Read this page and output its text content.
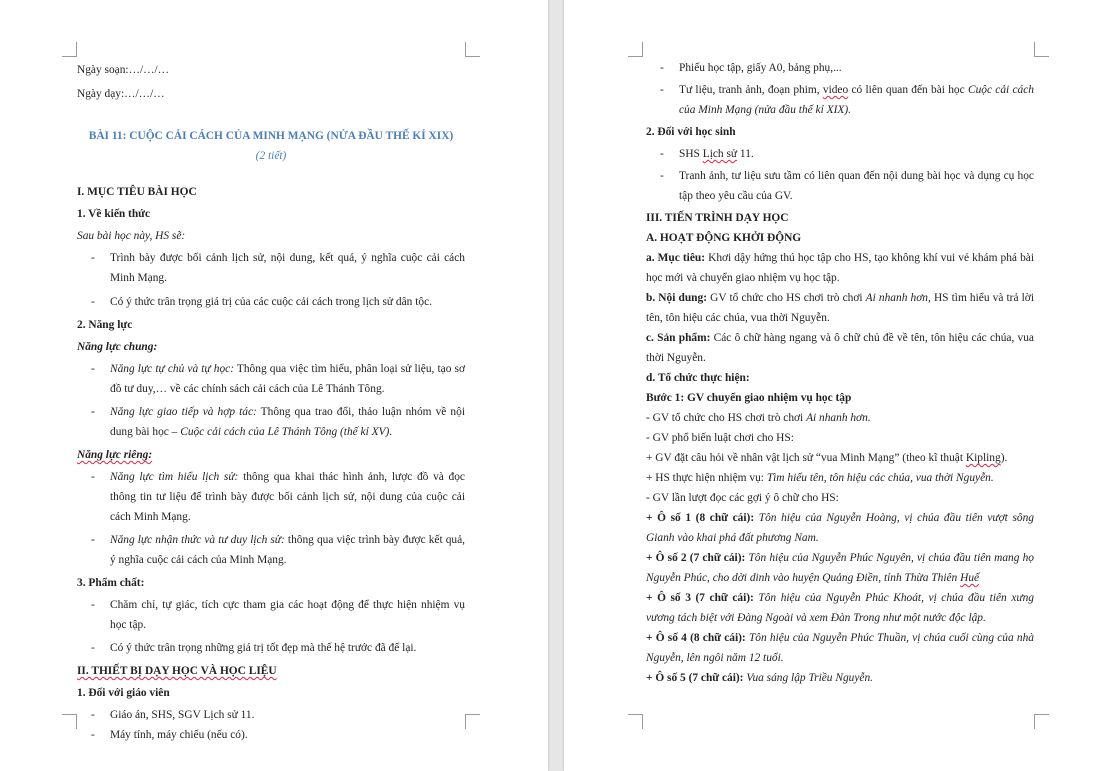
Ngày soạn:…/…/…

Ngày dạy:…/…/…

BÀI 11: CUỘC CẢI CÁCH CỦA MINH MẠNG (NỬA ĐẦU THẾ KỈ XIX)

(2 tiết)

I. MỤC TIÊU BÀI HỌC

1. Về kiến thức

Sau bài học này, HS sẽ:

- Trình bày được bối cảnh lịch sử, nội dung, kết quả, ý nghĩa cuộc cải cách Minh Mạng.
- Có ý thức trân trọng giá trị của các cuộc cải cách trong lịch sử dân tộc.

2. Năng lực

Năng lực chung:

- Năng lực tự chủ và tự học: Thông qua việc tìm hiểu, phân loại sử liệu, tạo sơ đồ tư duy,… về các chính sách cải cách của Lê Thánh Tông.
- Năng lực giao tiếp và hợp tác: Thông qua trao đổi, thảo luận nhóm về nội dung bài học – Cuộc cải cách của Lê Thánh Tông (thế kỉ XV).

Năng lực riêng:

- Năng lực tìm hiểu lịch sử: thông qua khai thác hình ảnh, lược đồ và đọc thông tin tư liệu để trình bày được bối cảnh lịch sử, nội dung của cuộc cải cách Minh Mạng.
- Năng lực nhận thức và tư duy lịch sử: thông qua việc trình bày được kết quả, ý nghĩa cuộc cải cách của Minh Mạng.

3. Phẩm chất:

- Chăm chỉ, tự giác, tích cực tham gia các hoạt động để thực hiện nhiệm vụ học tập.
- Có ý thức trân trọng những giá trị tốt đẹp mà thế hệ trước đã để lại.

II. THIẾT BỊ DẠY HỌC VÀ HỌC LIỆU

1. Đối với giáo viên

- Giáo án, SHS, SGV Lịch sử 11.
- Máy tính, máy chiếu (nếu có).
- Phiếu học tập, giấy A0, bảng phụ,...
- Tư liệu, tranh ảnh, đoạn phim, video có liên quan đến bài học Cuộc cải cách của Minh Mạng (nửa đầu thế kỉ XIX).

2. Đối với học sinh

- SHS Lịch sử 11.
- Tranh ảnh, tư liệu sưu tầm có liên quan đến nội dung bài học và dụng cụ học tập theo yêu cầu của GV.

III. TIẾN TRÌNH DẠY HỌC

A. HOẠT ĐỘNG KHỞI ĐỘNG

a. Mục tiêu: Khơi dậy hứng thú học tập cho HS, tạo không khí vui vẻ khám phá bài học mới và chuyển giao nhiệm vụ học tập.

b. Nội dung: GV tổ chức cho HS chơi trò chơi Ai nhanh hơn, HS tìm hiểu và trả lời tên, tôn hiệu các chúa, vua thời Nguyễn.

c. Sản phẩm: Các ô chữ hàng ngang và ô chữ chủ đề về tên, tôn hiệu các chúa, vua thời Nguyễn.

d. Tổ chức thực hiện:

Bước 1: GV chuyển giao nhiệm vụ học tập

- GV tổ chức cho HS chơi trò chơi Ai nhanh hơn.

- GV phổ biến luật chơi cho HS:

+ GV đặt câu hỏi về nhân vật lịch sử “vua Minh Mạng” (theo kĩ thuật Kipling).

+ HS thực hiện nhiệm vụ: Tìm hiểu tên, tôn hiệu các chúa, vua thời Nguyễn.

- GV lần lượt đọc các gợi ý ô chữ cho HS:

+ Ô số 1 (8 chữ cái): Tôn hiệu của Nguyễn Hoàng, vị chúa đầu tiên vượt sông Gianh vào khai phá đất phương Nam.

+ Ô số 2 (7 chữ cái): Tôn hiệu của Nguyễn Phúc Nguyên, vị chúa đầu tiên mang họ Nguyễn Phúc, cho dời dinh vào huyện Quảng Điền, tỉnh Thừa Thiên Huế

+ Ô số 3 (7 chữ cái): Tôn hiệu của Nguyễn Phúc Khoát, vị chúa đầu tiên xưng vương tách biệt với Đàng Ngoài và xem Đàn Trong như một nước độc lập.

+ Ô số 4 (8 chữ cái): Tôn hiệu của Nguyễn Phúc Thuần, vị chúa cuối cùng của nhà Nguyễn, lên ngôi năm 12 tuổi.

+ Ô số 5 (7 chữ cái): Vua sáng lập Triều Nguyễn.
